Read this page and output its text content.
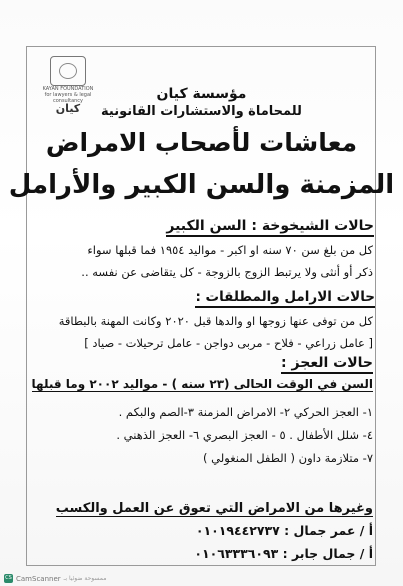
KAYAN FOUNDATION
for lawyers & legal consultancy
كيان
مؤسسة كيان
للمحاماة والاستشارات القانونية
معاشات لأصحاب الامراض
المزمنة والسن الكبير والأرامل
حالات الشيخوخة : السن الكبير
كل من بلغ سن ٧٠ سنه او اكبر - مواليد ١٩٥٤ فما قبلها سواء
ذكر أو أنثى ولا يرتبط الزوج بالزوجة - كل يتقاضى عن نفسه ..
حالات الارامل والمطلقات :
كل من توفى عنها زوجها او والدها قبل ٢٠٢٠ وكانت المهنة بالبطاقة
[ عامل زراعي - فلاح - مربى دواجن - عامل ترحيلات - صياد ]
حالات العجز :
السن في الوقت الحالى (٢٣ سنه ) - مواليد ٢٠٠٢ وما قبلها
١- العجز الحركي ٢- الامراض المزمنة ٣-الصم والبكم .
٤- شلل الأطفال . ٥ - العجز البصري ٦- العجز الذهني .
٧- متلازمة داون ( الطفل المنغولي )
وغيرها من الامراض التي تعوق عن العمل والكسب
أ / عمر جمال : ٠١٠١٩٤٤٢٧٣٧
أ / جمال جابر : ٠١٠٦٣٣٣٦٠٩٣
CS CamScanner ممسوحة ضوئيا بـ
